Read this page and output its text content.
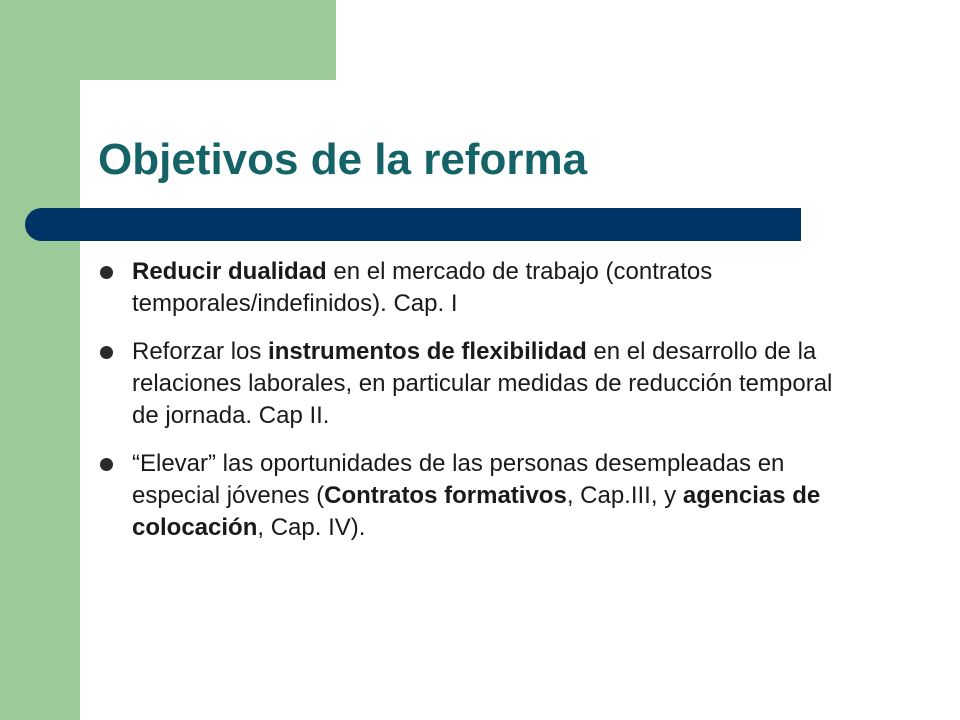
Objetivos de la reforma
Reducir dualidad en el mercado de trabajo (contratos temporales/indefinidos). Cap. I
Reforzar los instrumentos de flexibilidad en el desarrollo de la relaciones laborales, en particular medidas de reducción temporal de jornada. Cap II.
“Elevar” las oportunidades de las personas desempleadas en especial jóvenes (Contratos formativos, Cap.III, y agencias de colocación, Cap. IV).
